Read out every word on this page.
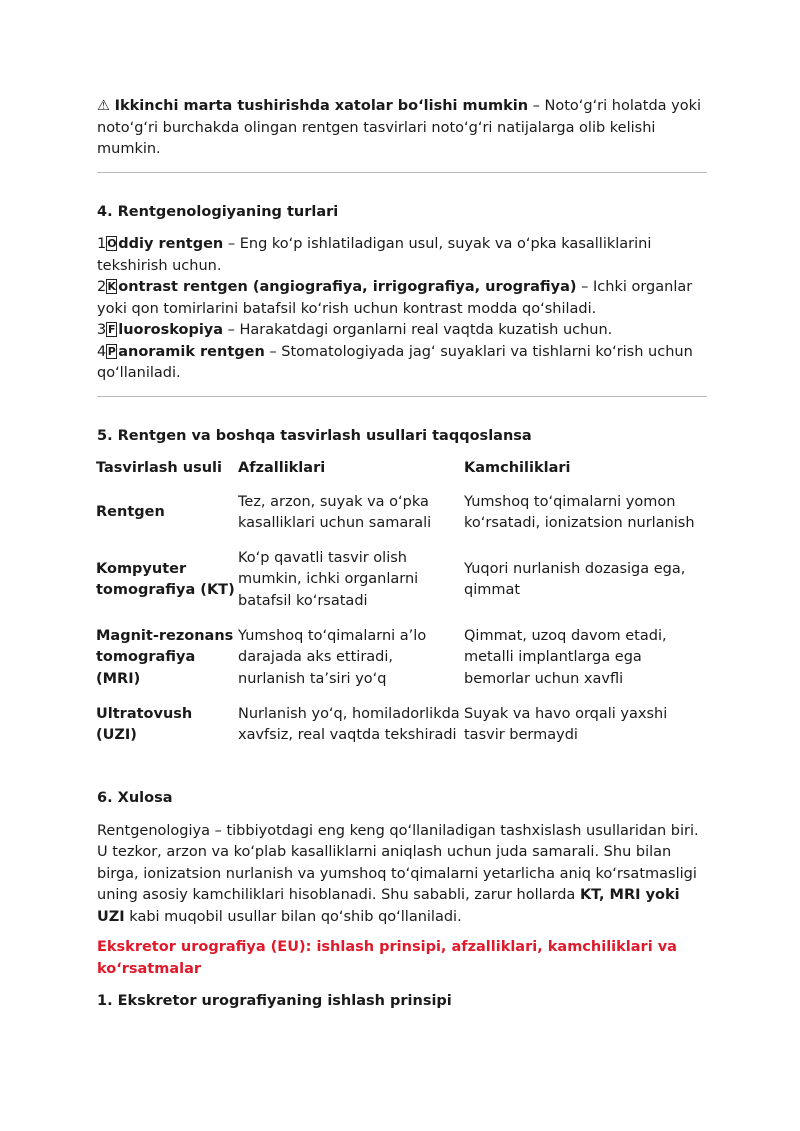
⚠ Ikkinchi marta tushirishda xatolar bo‘lishi mumkin – Noto‘g‘ri holatda yoki noto‘g‘ri burchakda olingan rentgen tasvirlari noto‘g‘ri natijalarga olib kelishi mumkin.

4. Rentgenologiyaning turlari

1O ddiy rentgen – Eng ko‘p ishlatiladigan usul, suyak va o‘pka kasalliklarini tekshirish uchun.

2K ontrast rentgen (angiografiya, irrigografiya, urografiya) – Ichki organlar yoki qon tomirlarini batafsil ko‘rish uchun kontrast modda qo‘shiladi.

3 F luoroskopiya – Harakatdagi organlarni real vaqtda kuzatish uchun.

4P anoramik rentgen – Stomatologiyada jag‘ suyaklari va tishlarni ko‘rish uchun qo‘llaniladi.

5. Rentgen va boshqa tasvirlash usullari taqqoslansa

Tasvirlash usuli	Afzalliklari	Kamchiliklari
Rentgen	Tez, arzon, suyak va o‘pka kasalliklari uchun samarali	Yumshoq to‘qimalarni yomon ko‘rsatadi, ionizatsion nurlanish
Kompyuter tomografiya (KT)	Ko‘p qavatli tasvir olish mumkin, ichki organlarni batafsil ko‘rsatadi	Yuqori nurlanish dozasiga ega, qimmat
Magnit-rezonans tomografiya (MRI)	Yumshoq to‘qimalarni a’lo darajada aks ettiradi, nurlanish ta’siri yo‘q	Qimmat, uzoq davom etadi, metalli implantlarga ega bemorlar uchun xavfli
Ultratovush (UZI)	Nurlanish yo‘q, homiladorlikda xavfsiz, real vaqtda tekshiradi	Suyak va havo orqali yaxshi tasvir bermaydi

6. Xulosa

Rentgenologiya – tibbiyotdagi eng keng qo‘llaniladigan tashxislash usullaridan biri. U tezkor, arzon va ko‘plab kasalliklarni aniqlash uchun juda samarali. Shu bilan birga, ionizatsion nurlanish va yumshoq to‘qimalarni yetarlicha aniq ko‘rsatmasligi uning asosiy kamchiliklari hisoblanadi. Shu sababli, zarur hollarda KT, MRI yoki UZI kabi muqobil usullar bilan qo‘shib qo‘llaniladi.

Ekskretor urografiya (EU): ishlash prinsipi, afzalliklari, kamchiliklari va ko‘rsatmalar

1. Ekskretor urografiyaning ishlash prinsipi
